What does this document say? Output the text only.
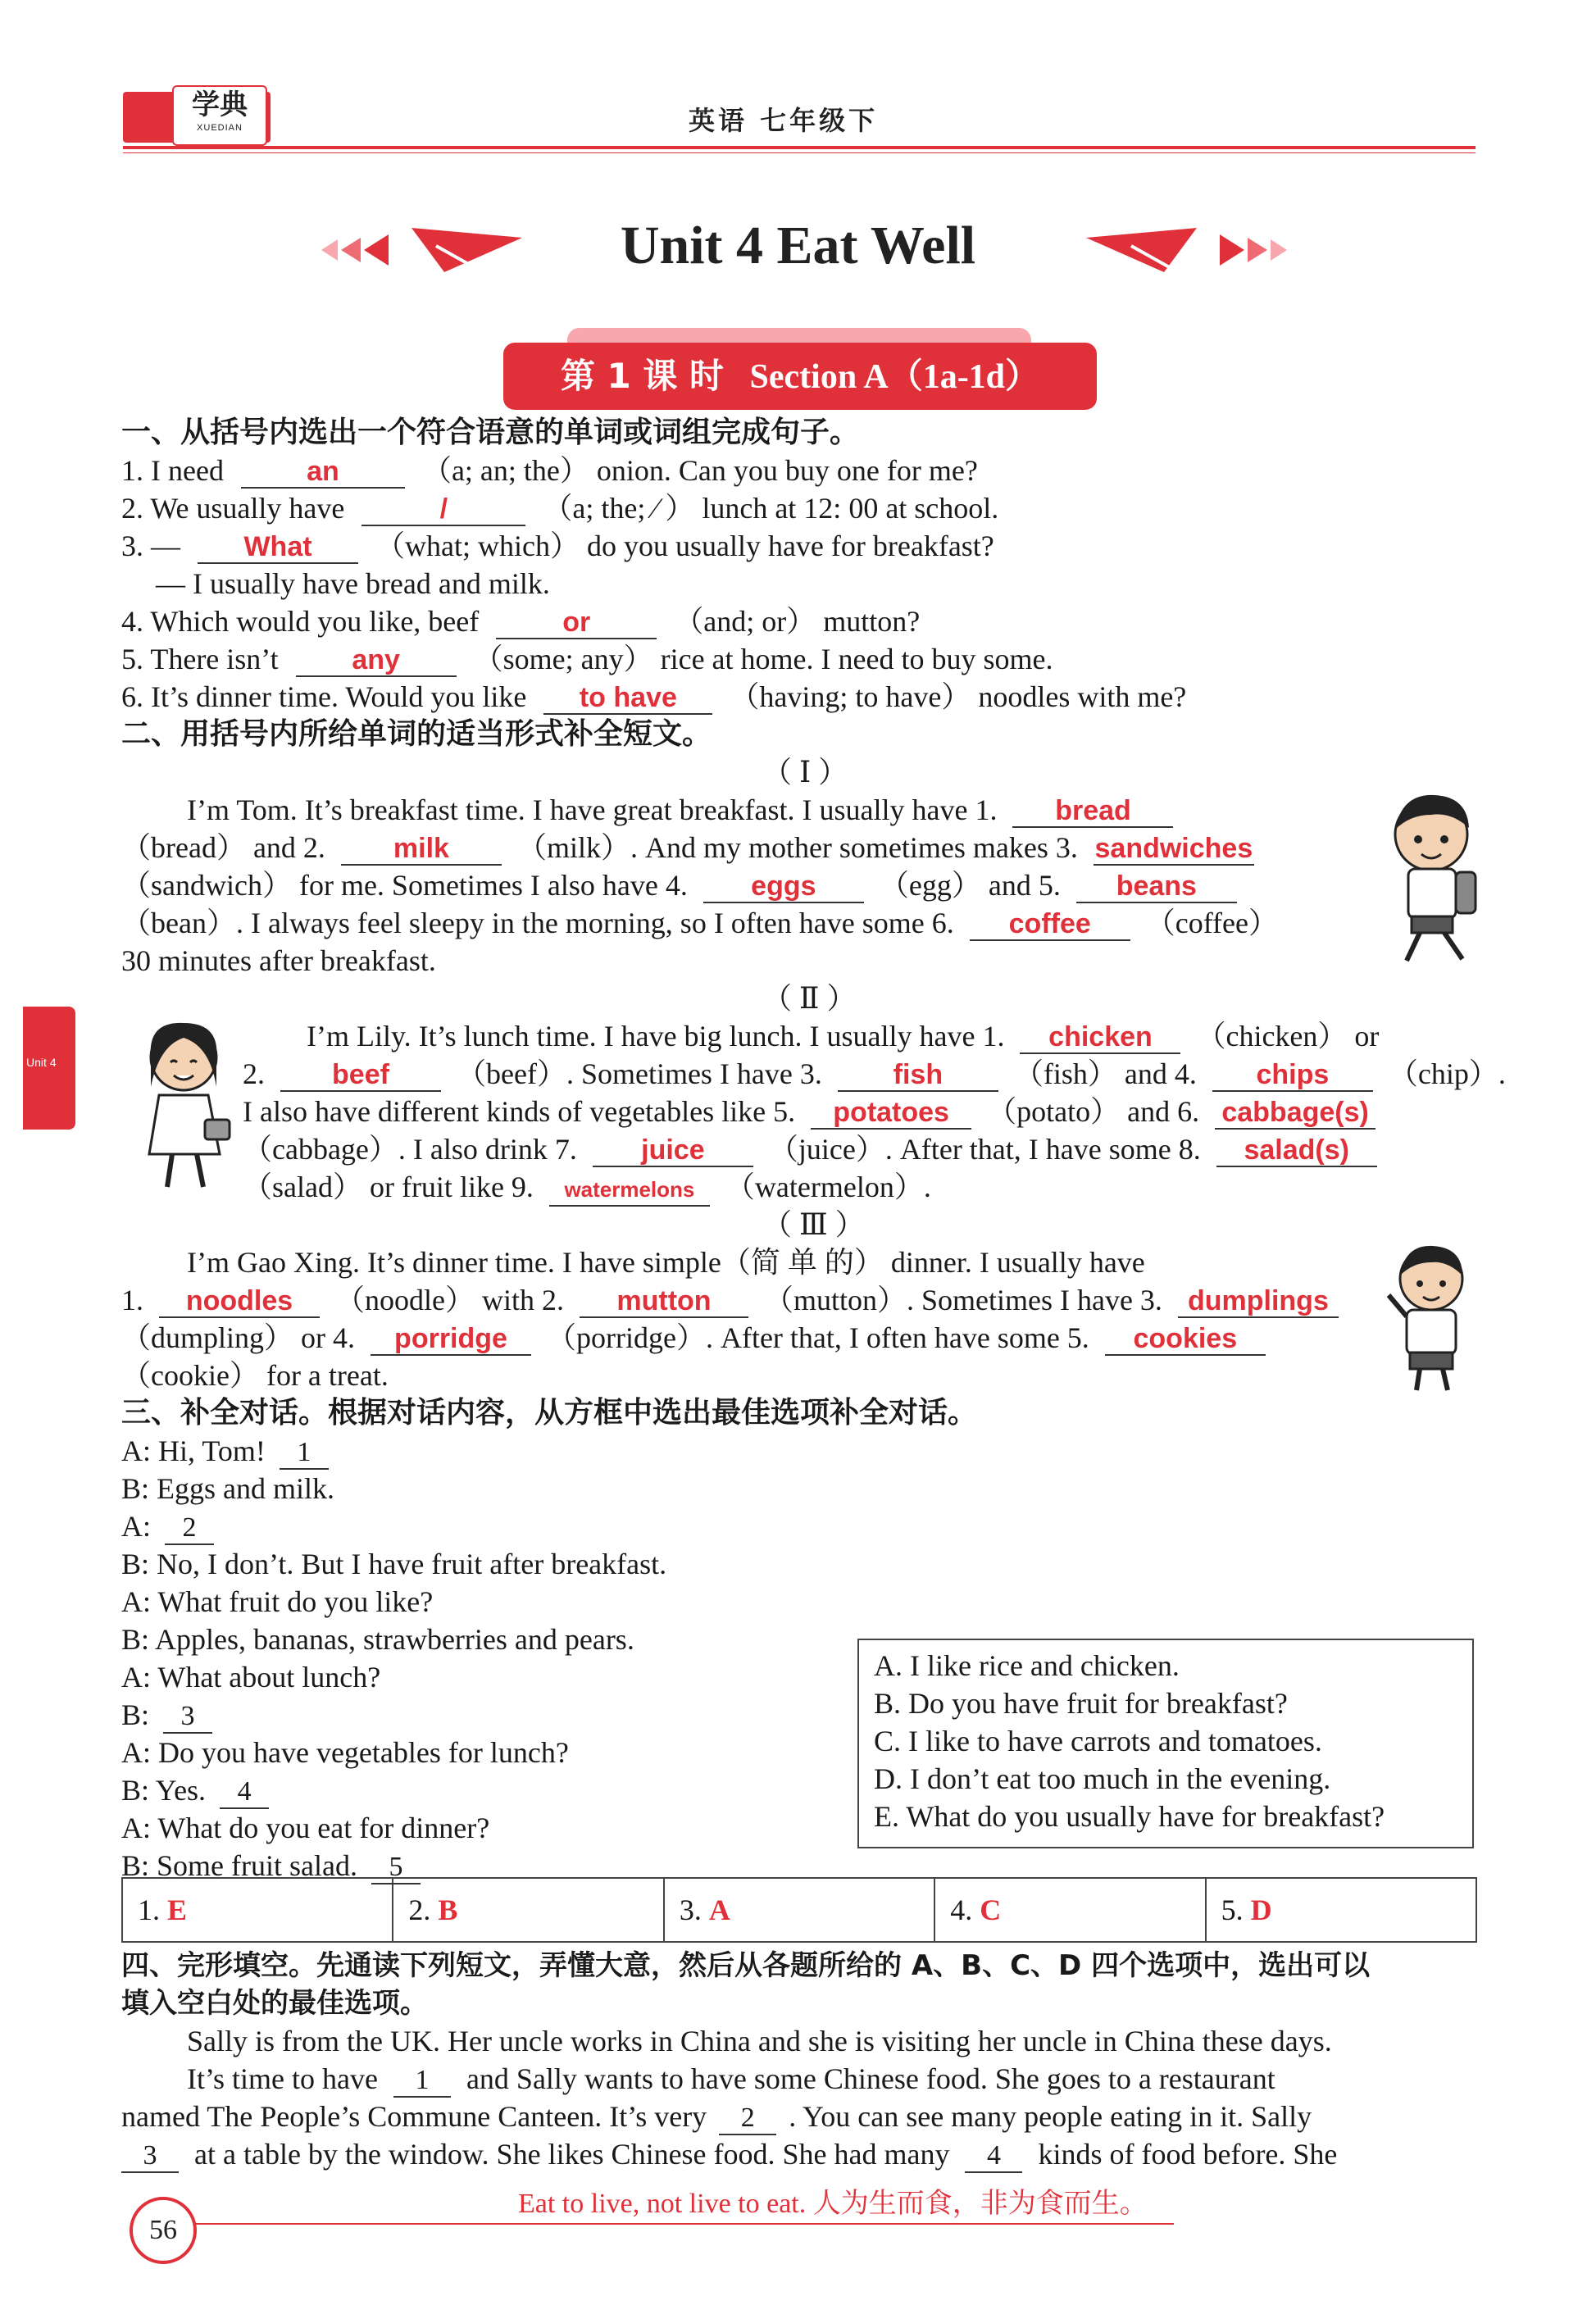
学典
XUEDIAN	英语 七年级下
Unit 4 Eat Well
第 1 课 时 Section A（1a-1d）
一、从括号内选出一个符合语意的单词或词组完成句子。
1. I need	an	（a; an; the） onion. Can you buy one for me?
2. We usually have	/	（a; the; ∕ ） lunch at 12: 00 at school.
3. — What （what; which） do you usually have for breakfast?
— I usually have bread and milk.
4. Which would you like, beef	or	（and; or） mutton?
5. There isn’t	any （some; any） rice at home. I need to buy some.
6. It’s dinner time. Would you like to have （having; to have） noodles with me?
二、用括号内所给单词的适当形式补全短文。
（ Ⅰ ）
I’m Tom. It’s breakfast time. I have great breakfast. I usually have 1. bread
（bread） and 2. milk （milk）. And my mother sometimes makes 3. sandwiches
（sandwich） for me. Sometimes I also have 4. eggs （egg） and 5. beans
（bean）. I always feel sleepy in the morning, so I often have some 6. coffee （coffee）
30 minutes after breakfast.
（ Ⅱ ）
I’m Lily. It’s lunch time. I have big lunch. I usually have 1. chicken （chicken） or
2. beef （beef）. Sometimes I have 3.	fish （fish） and 4. chips （chip）.
I also have different kinds of vegetables like 5. potatoes （potato） and 6. cabbage(s)
（cabbage）. I also drink 7. juice （juice）. After that, I have some 8. salad(s)
（salad） or fruit like 9. watermelons （watermelon）.
（ Ⅲ ）
I’m Gao Xing. It’s dinner time. I have simple（简 单 的） dinner. I usually have
1. noodles （noodle） with 2. mutton （mutton）. Sometimes I have 3. dumplings
（dumpling） or 4. porridge （porridge）. After that, I often have some 5. cookies
（cookie） for a treat.
Unit 4
三、补全对话。根据对话内容，从方框中选出最佳选项补全对话。
A: Hi, Tom! 1
B: Eggs and milk.
A: 2
B: No, I don’t. But I have fruit after breakfast.
A: What fruit do you like?
B: Apples, bananas, strawberries and pears.
A: What about lunch?
B: 3
A: Do you have vegetables for lunch?
B: Yes. 4
A: What do you eat for dinner?
B: Some fruit salad. 5
A. I like rice and chicken.
B. Do you have fruit for breakfast?
C. I like to have carrots and tomatoes.
D. I don’t eat too much in the evening.
E. What do you usually have for breakfast?
1. E	2. B	3. A	4. C	5. D
四、完形填空。先通读下列短文，弄懂大意，然后从各题所给的 A、B、C、D 四个选项中，选出可以
填入空白处的最佳选项。
Sally is from the UK. Her uncle works in China and she is visiting her uncle in China these days.
It’s time to have 1 and Sally wants to have some Chinese food. She goes to a restaurant
named The People’s Commune Canteen. It’s very 2 . You can see many people eating in it. Sally
3 at a table by the window. She likes Chinese food. She had many 4 kinds of food before. She
56
Eat to live, not live to eat. 人为生而食，非为食而生。
